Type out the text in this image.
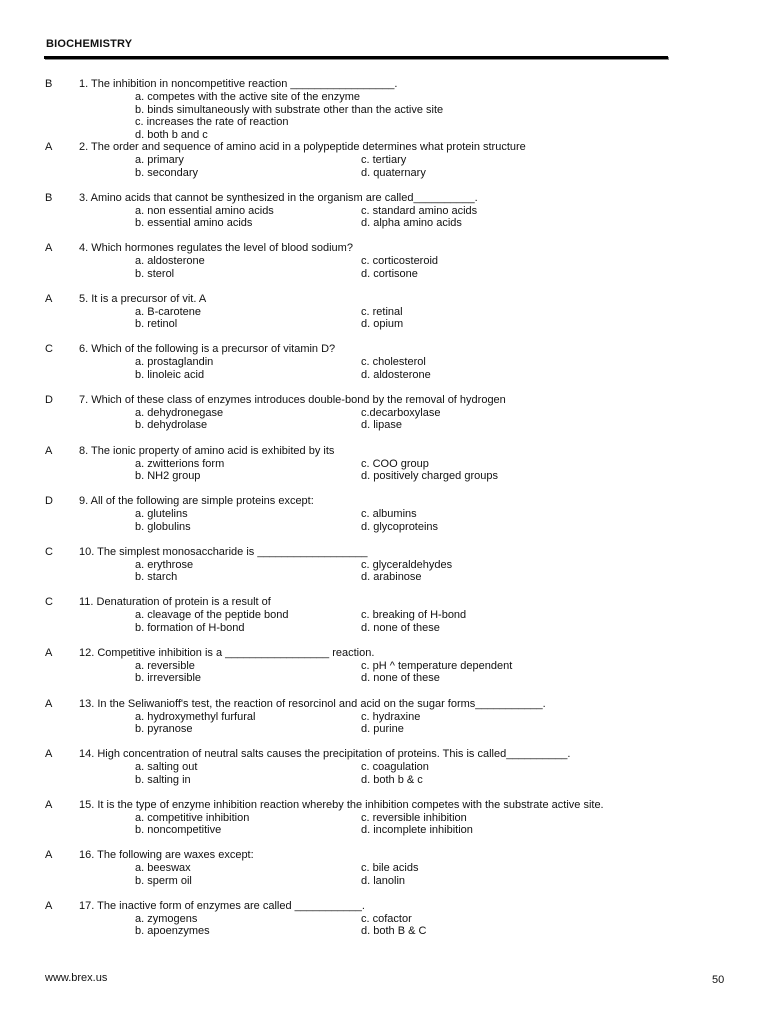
BIOCHEMISTRY
B 1. The inhibition in noncompetitive reaction _________________.
a. competes with the active site of the enzyme
b. binds simultaneously with substrate other than the active site
c. increases the rate of reaction
d. both b and c
A 2. The order and sequence of amino acid in a polypeptide determines what protein structure
a. primary
b. secondary
c. tertiary
d. quaternary
B 3. Amino acids that cannot be synthesized in the organism are called__________.
a. non essential amino acids
b. essential amino acids
c. standard amino acids
d. alpha amino acids
A 4. Which hormones regulates the level of blood sodium?
a. aldosterone
b. sterol
c. corticosteroid
d. cortisone
A 5. It is a precursor of vit. A
a. B-carotene
b. retinol
c. retinal
d. opium
C 6. Which of the following is a precursor of vitamin D?
a. prostaglandin
b. linoleic acid
c. cholesterol
d. aldosterone
D 7. Which of these class of enzymes introduces double-bond by the removal of hydrogen
a. dehydronegase
b. dehydrolase
c.decarboxylase
d. lipase
A 8. The ionic property of amino acid is exhibited by its
a. zwitterions form
b. NH2 group
c. COO group
d. positively charged groups
D 9. All of the following are simple proteins except:
a. glutelins
b. globulins
c. albumins
d. glycoproteins
C 10. The simplest monosaccharide is __________________
a. erythrose
b. starch
c. glyceraldehydes
d. arabinose
C 11. Denaturation of protein is a result of
a. cleavage of the peptide bond
b. formation of H-bond
c. breaking of H-bond
d. none of these
A 12. Competitive inhibition is a _________________ reaction.
a. reversible
b. irreversible
c. pH ^ temperature dependent
d. none of these
A 13. In the Seliwanioff's test, the reaction of resorcinol and acid on the sugar forms___________.
a. hydroxymethyl furfural
b. pyranose
c. hydraxine
d. purine
A 14. High concentration of neutral salts causes the precipitation of proteins. This is called__________.
a. salting out
b. salting in
c. coagulation
d. both b & c
A 15. It is the type of enzyme inhibition reaction whereby the inhibition competes with the substrate active site.
a. competitive inhibition
b. noncompetitive
c. reversible inhibition
d. incomplete inhibition
A 16. The following are waxes except:
a. beeswax
b. sperm oil
c. bile acids
d. lanolin
A 17. The inactive form of enzymes are called ___________.
a. zymogens
b. apoenzymes
c. cofactor
d. both B & C
www.brex.us	50
